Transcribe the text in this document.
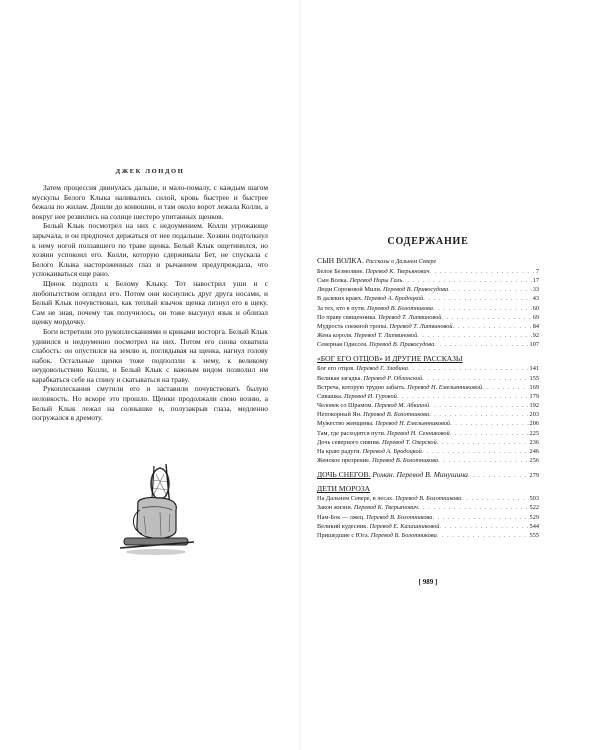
ДЖЕК ЛОНДОН

Затем процессия двинулась дальше, и мало-помалу, с каждым шагом мускулы Белого Клыка наливались силой, кровь быстрее и быстрее бежала по жилам. Дошли до конюшни, и там около ворот лежала Колли, а вокруг нее резвились на солнце шестеро упитанных щенков.

Белый Клык посмотрел на них с недоумением. Колли угрожающе зарычала, и он предпочел держаться от нее подальше. Хозяин подтолкнул к нему ногой ползавшего по траве щенка. Белый Клык ощетинился, но хозяин успокоил его. Колли, которую сдерживала Бет, не спускала с Белого Клыка настороженных глаз и рычанием предупреждала, что успокаиваться еще рано.

Щенок подполз к Белому Клыку. Тот навострил уши и с любопытством оглядел его. Потом они коснулись друг друга носами, и Белый Клык почувствовал, как теплый язычок щенка лизнул его в щеку. Сам не зная, почему так получилось, он тоже высунул язык и облизал щенку мордочку.

Боги встретили это рукоплесканиями и криками восторга. Белый Клык удивился и недоуменно посмотрел на них. Потом его снова охватила слабость: он опустился на землю и, поглядывая на щенка, нагнул голову набок. Остальные щенки тоже подползли к нему, к великому неудовольствию Колли, и Белый Клык с важным видом позволил им карабкаться себе на спину и скатываться на траву.

Рукоплескания смутили его и заставили почувствовать былую неловкость. Но вскоре это прошло. Щенки продолжали свою возню, а Белый Клык лежал на солнышке и, полузакрыв глаза, медленно погружался в дремоту.

СОДЕРЖАНИЕ
СЫН ВОЛКА. Рассказы о Дальнем Севере
Белое Безмолвие. Перевод К. Тверьянович . . .	7
Сын Волка. Перевод Норы Галь . . .	17
Люди Сороковой Мили. Перевод В. Правосудова . . .	33
В далеких краях. Перевод А. Бродоцкой . . .	43
За тех, кто в пути. Перевод В. Болотникова . . .	60
По праву священника. Перевод Т. Литвиновой . . .	69
Мудрость снежной тропы. Перевод Т. Литвиновой . . .	84
Жена короля. Перевод Т. Литвиновой . . .	92
Северная Одиссея. Перевод В. Правосудова . . .	107
«БОГ ЕГО ОТЦОВ» И ДРУГИЕ РАССКАЗЫ
Бог его отцов. Перевод Г. Злобина . . .	141
Великая загадка. Перевод Р. Облонской . . .	155
Встреча, которую трудно забыть. Перевод Н. Емельянниковой . . .	169
Сивашка. Перевод И. Гуровой . . .	179
Человек со Шрамом. Перевод М. Абкиной . . .	192
Непокорный Ян. Перевод В. Болотникова . . .	203
Мужество женщины. Перевод Н. Емельянниковой . . .	206
Там, где расходятся пути. Перевод Н. Сенниковой . . .	225
Дочь северного сияния. Перевод Т. Озерской . . .	236
На краю радуги. Перевод А. Бродоцкой . . .	246
Женское презрение. Перевод В. Болотникова . . .	256
ДОЧЬ СНЕГОВ. Роман. Перевод В. Минушина . . .	279
ДЕТИ МОРОЗА
На Дальнем Севере, в лесах. Перевод В. Болотникова . . .	503
Закон жизни. Перевод К. Тверьянович . . .	522
Нам-Бок — лжец. Перевод В. Болотникова . . .	529
Великий кудесник. Перевод Е. Калашниковой . . .	544
Пришедшие с Юга. Перевод В. Болотникова . . .	555
[ 989 ]
